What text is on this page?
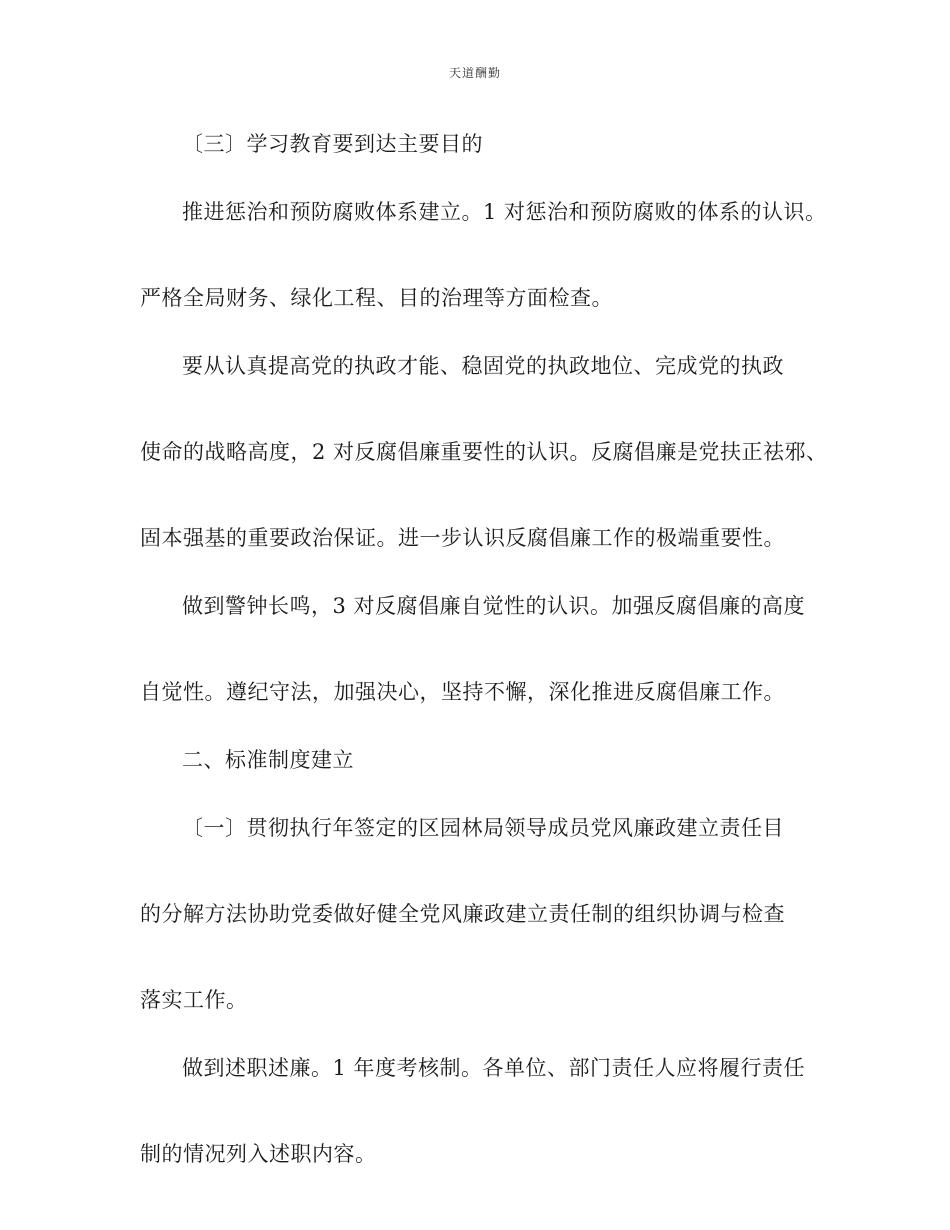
天道酬勤
〔三〕学习教育要到达主要目的
推进惩治和预防腐败体系建立。1 对惩治和预防腐败的体系的认识。
严格全局财务、绿化工程、目的治理等方面检查。
要从认真提高党的执政才能、稳固党的执政地位、完成党的执政
使命的战略高度，2 对反腐倡廉重要性的认识。反腐倡廉是党扶正祛邪、
固本强基的重要政治保证。进一步认识反腐倡廉工作的极端重要性。
做到警钟长鸣，3 对反腐倡廉自觉性的认识。加强反腐倡廉的高度
自觉性。遵纪守法，加强决心，坚持不懈，深化推进反腐倡廉工作。
二、标准制度建立
〔一〕贯彻执行年签定的区园林局领导成员党风廉政建立责任目
的分解方法协助党委做好健全党风廉政建立责任制的组织协调与检查
落实工作。
做到述职述廉。1 年度考核制。各单位、部门责任人应将履行责任
制的情况列入述职内容。
